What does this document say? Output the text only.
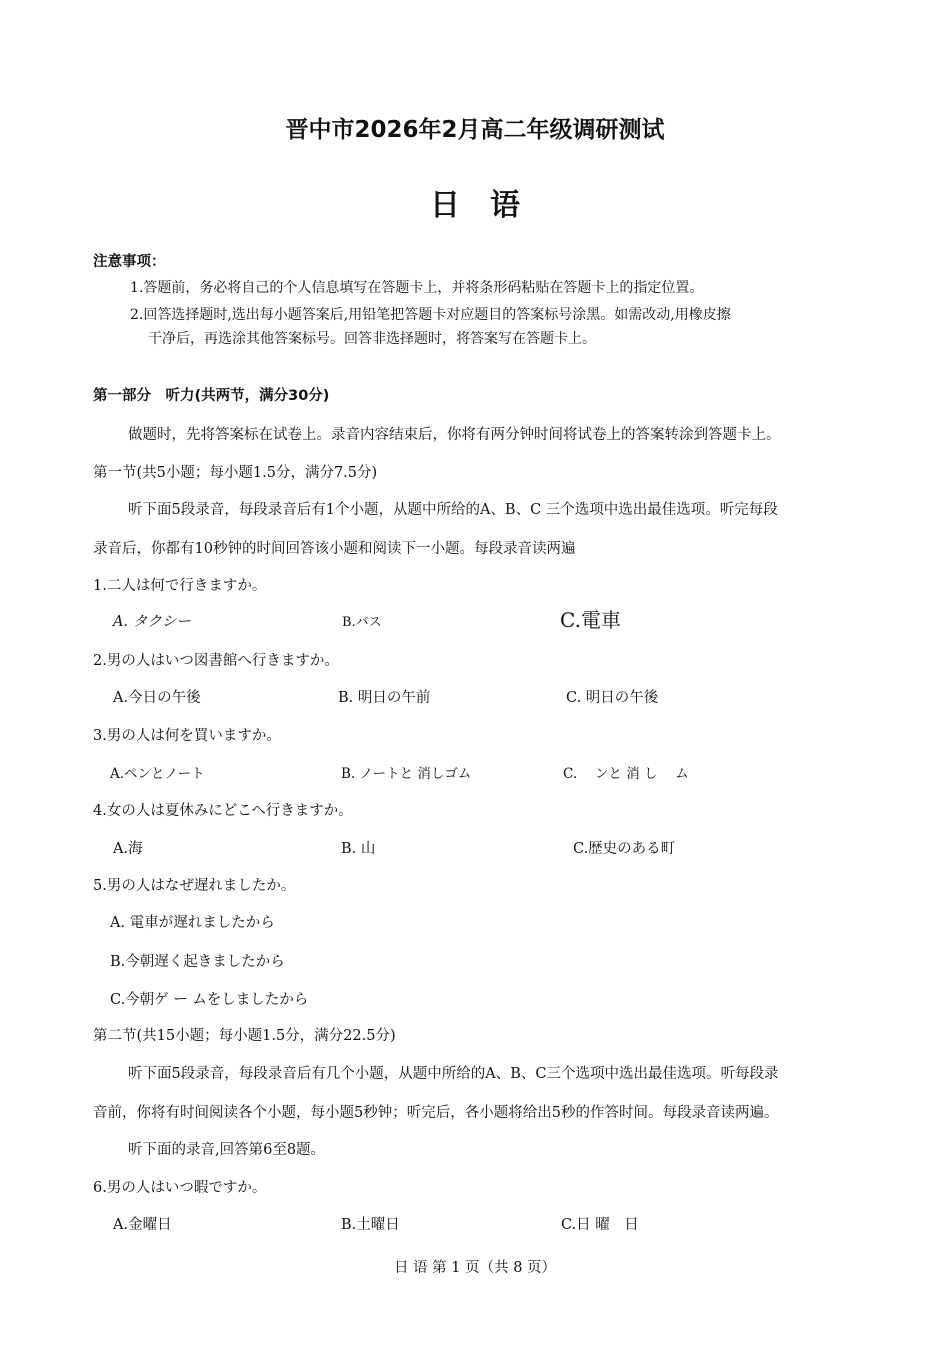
晋中市2026年2月高二年级调研测试
日　语
注意事项：
1.答题前，务必将自己的个人信息填写在答题卡上，并将条形码粘贴在答题卡上的指定位置。
2.回答选择题时,选出每小题答案后,用铅笔把答题卡对应题目的答案标号涂黑。如需改动,用橡皮擦
干净后，再选涂其他答案标号。回答非选择题时，将答案写在答题卡上。
第一部分　听力(共两节，满分30分)
做题时，先将答案标在试卷上。录音内容结束后，你将有两分钟时间将试卷上的答案转涂到答题卡上。
第一节(共5小题；每小题1.5分，满分7.5分)
听下面5段录音，每段录音后有1个小题，从题中所给的A、B、C 三个选项中选出最佳选项。听完每段
录音后，你都有10秒钟的时间回答该小题和阅读下一小题。每段录音读两遍
1.二人は何で行きますか。
A. タクシー	B.バス	C.電車
2.男の人はいつ図書館へ行きますか。
A.今日の午後	B. 明日の午前	C. 明日の午後
3.男の人は何を買いますか。
A.ペンとノート	B. ノートと 消しゴム	C.　 ンと 消 し　 ム
4.女の人は夏休みにどこへ行きますか。
A.海	B. 山	C.歴史のある町
5.男の人はなぜ遅れましたか。
A. 電車が遅れましたから
B.今朝遅く起きましたから
C.今朝ゲ ー ムをしましたから
第二节(共15小题；每小题1.5分，满分22.5分)
听下面5段录音，每段录音后有几个小题，从题中所给的A、B、C三个选项中选出最佳选项。听每段录
音前，你将有时间阅读各个小题，每小题5秒钟；听完后，各小题将给出5秒的作答时间。每段录音读两遍。
听下面的录音,回答第6至8题。
6.男の人はいつ暇ですか。
A.金曜日	B.土曜日	C.日 曜　日
日 语 第 1 页（共 8 页）
